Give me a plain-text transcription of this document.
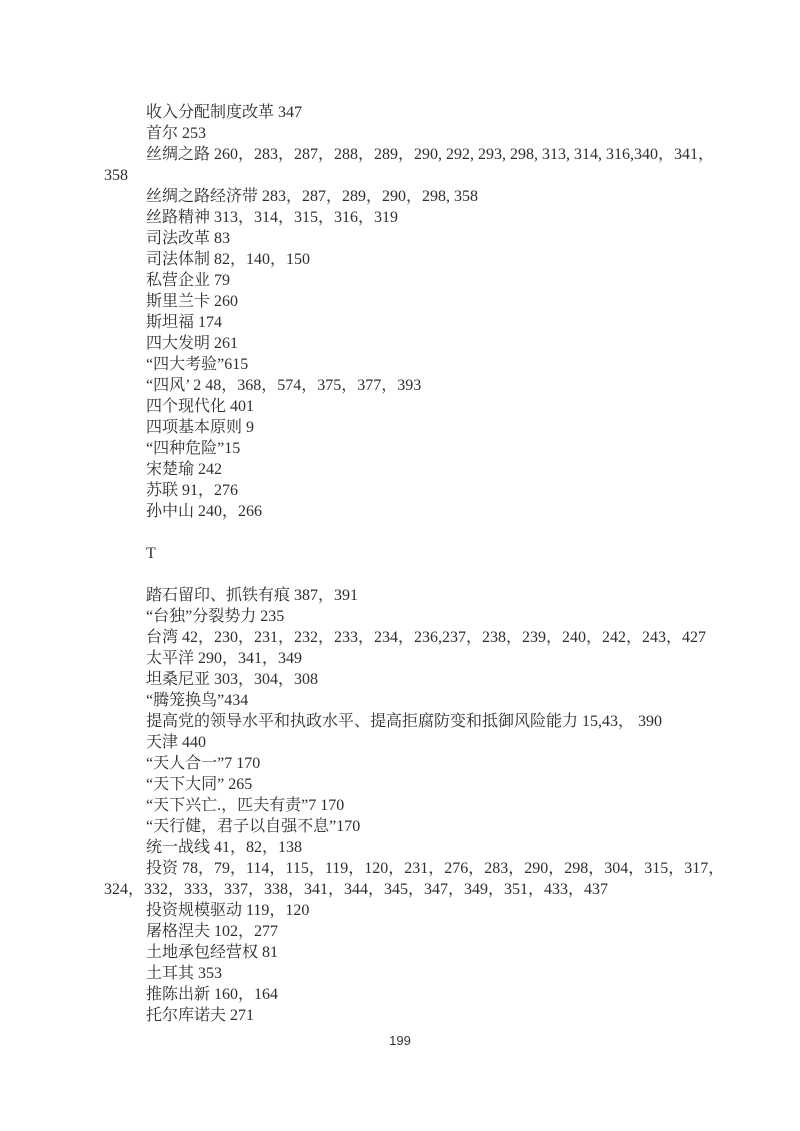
收入分配制度改革 347
首尔 253
丝绸之路 260，283，287，288，289，290, 292, 293, 298, 313, 314, 316,340，341，
358
丝绸之路经济带 283，287，289，290，298, 358
丝路精神 313，314，315，316，319
司法改革 83
司法体制 82，140，150
私营企业 79
斯里兰卡 260
斯坦福 174
四大发明 261
“四大考验”615
“四风’ 2 48，368，574，375，377，393
四个现代化 401
四项基本原则 9
“四种危险”15
宋楚瑜 242
苏联 91，276
孙中山 240，266
T
踏石留印、抓铁有痕 387，391
“台独”分裂势力 235
台湾 42，230，231，232，233，234，236,237，238，239，240，242，243，427
太平洋 290，341，349
坦桑尼亚 303，304，308
“腾笼换鸟”434
提高党的领导水平和执政水平、提高拒腐防变和抵御风险能力 15,43， 390
天津 440
“天人合一”7 170
“天下大同” 265
“天下兴亡.，匹夫有责”7 170
“天行健，君子以自强不息”170
统一战线 41，82，138
投资 78，79，114，115，119，120，231，276，283，290，298，304，315，317，
324，332，333，337，338，341，344，345，347，349，351，433，437
投资规模驱动 119，120
屠格涅夫 102，277
土地承包经营权 81
土耳其 353
推陈出新 160，164
托尔库诺夫 271
199
